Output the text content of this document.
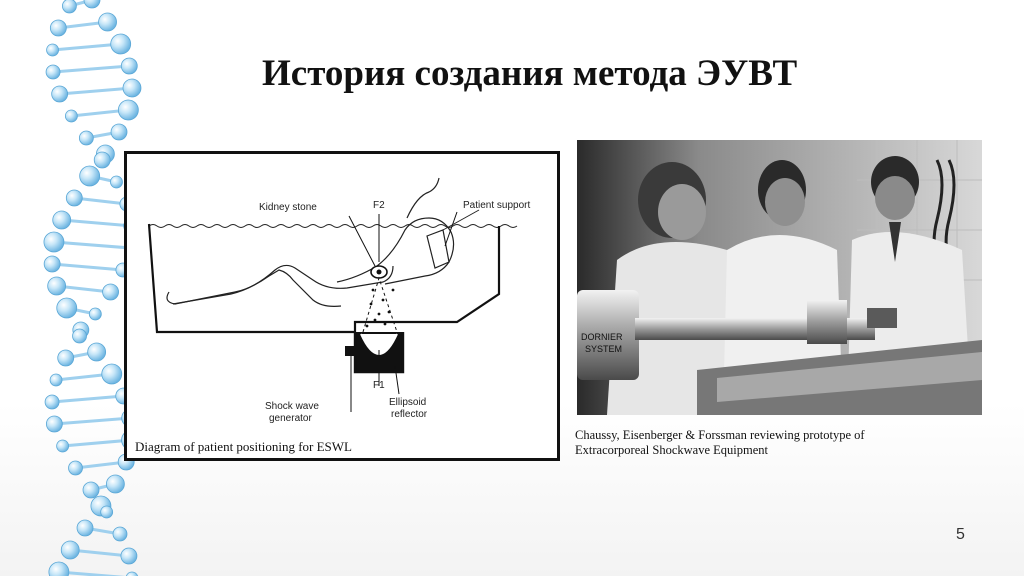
История создания метода ЭУВТ
Kidney stone	F2	Patient support
F1
Shock wave
generator
Ellipsoid
reflector
Diagram of patient positioning for ESWL
DORNIER
SYSTEM
Chaussy, Eisenberger & Forssman reviewing prototype of
Extracorporeal Shockwave Equipment
5
